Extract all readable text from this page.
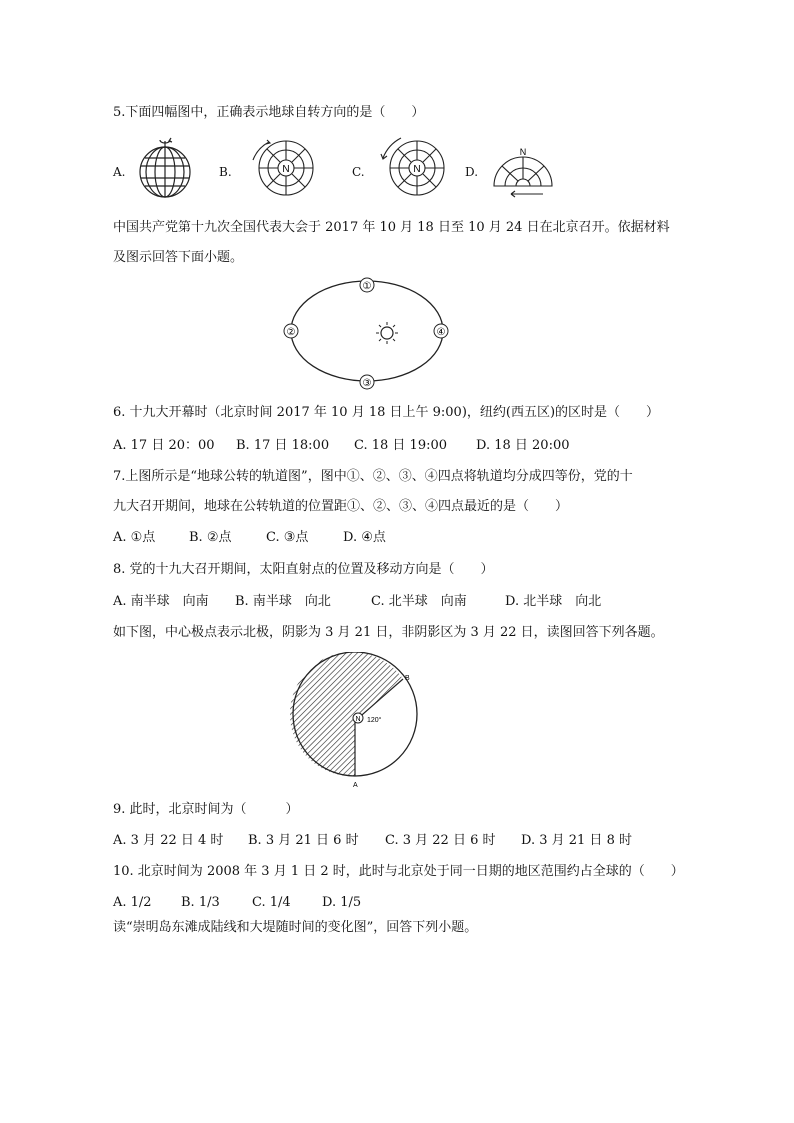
5.下面四幅图中，正确表示地球自转方向的是（　　）
A.	B.	N	C.	N	D.
N
中国共产党第十九次全国代表大会于 2017 年 10 月 18 日至 10 月 24 日在北京召开。依据材料
及图示回答下面小题。
①
②
③
④
6. 十九大开幕时（北京时间 2017 年 10 月 18 日上午 9:00)，纽约(西五区)的区时是（　　）
A. 17 日 20：00 B. 17 日 18:00 C. 18 日 19:00 D. 18 日 20:00
7.上图所示是“地球公转的轨道图”，图中①、②、③、④四点将轨道均分成四等份，党的十
九大召开期间，地球在公转轨道的位置距①、②、③、④四点最近的是（　　）
A. ①点	B. ②点	C. ③点	D. ④点
8. 党的十九大召开期间，太阳直射点的位置及移动方向是（　　）
A. 南半球　向南 B. 南半球　向北	C. 北半球　向南	D. 北半球　向北
如下图，中心极点表示北极，阴影为 3 月 21 日，非阴影区为 3 月 22 日，读图回答下列各题。
N 120°
B
A
9. 此时，北京时间为（　　　）
A. 3 月 22 日 4 时 B. 3 月 21 日 6 时 C. 3 月 22 日 6 时 D. 3 月 21 日 8 时
10. 北京时间为 2008 年 3 月 1 日 2 时，此时与北京处于同一日期的地区范围约占全球的（　　）
A. 1/2 B. 1/3 C. 1/4 D. 1/5
读“崇明岛东滩成陆线和大堤随时间的变化图”，回答下列小题。
